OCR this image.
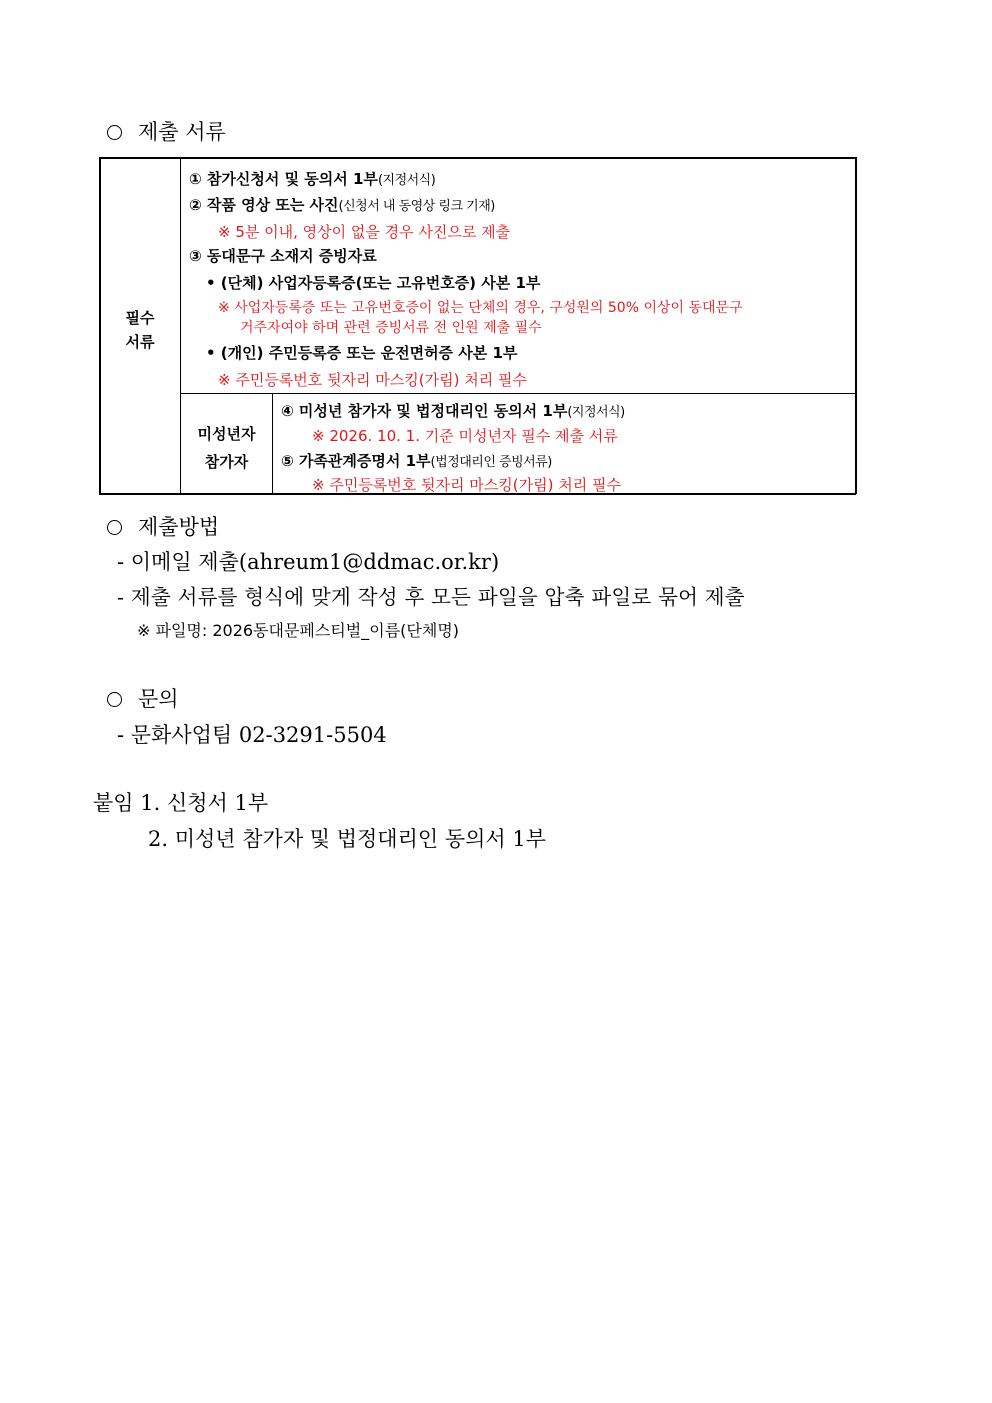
제출 서류
필수
서류
① 참가신청서 및 동의서 1부(지정서식)
② 작품 영상 또는 사진(신청서 내 동영상 링크 기재)
※ 5분 이내, 영상이 없을 경우 사진으로 제출
③ 동대문구 소재지 증빙자료
• (단체) 사업자등록증(또는 고유번호증) 사본 1부
※ 사업자등록증 또는 고유번호증이 없는 단체의 경우, 구성원의 50% 이상이 동대문구
거주자여야 하며 관련 증빙서류 전 인원 제출 필수
• (개인) 주민등록증 또는 운전면허증 사본 1부
※ 주민등록번호 뒷자리 마스킹(가림) 처리 필수
미성년자
참가자
④ 미성년 참가자 및 법정대리인 동의서 1부(지정서식)
※ 2026. 10. 1. 기준 미성년자 필수 제출 서류
⑤ 가족관계증명서 1부(법정대리인 증빙서류)
※ 주민등록번호 뒷자리 마스킹(가림) 처리 필수
제출방법
- 이메일 제출(ahreum1@ddmac.or.kr)
- 제출 서류를 형식에 맞게 작성 후 모든 파일을 압축 파일로 묶어 제출
※ 파일명: 2026동대문페스티벌_이름(단체명)
문의
- 문화사업팀 02-3291-5504
붙임 1. 신청서 1부
2. 미성년 참가자 및 법정대리인 동의서 1부
